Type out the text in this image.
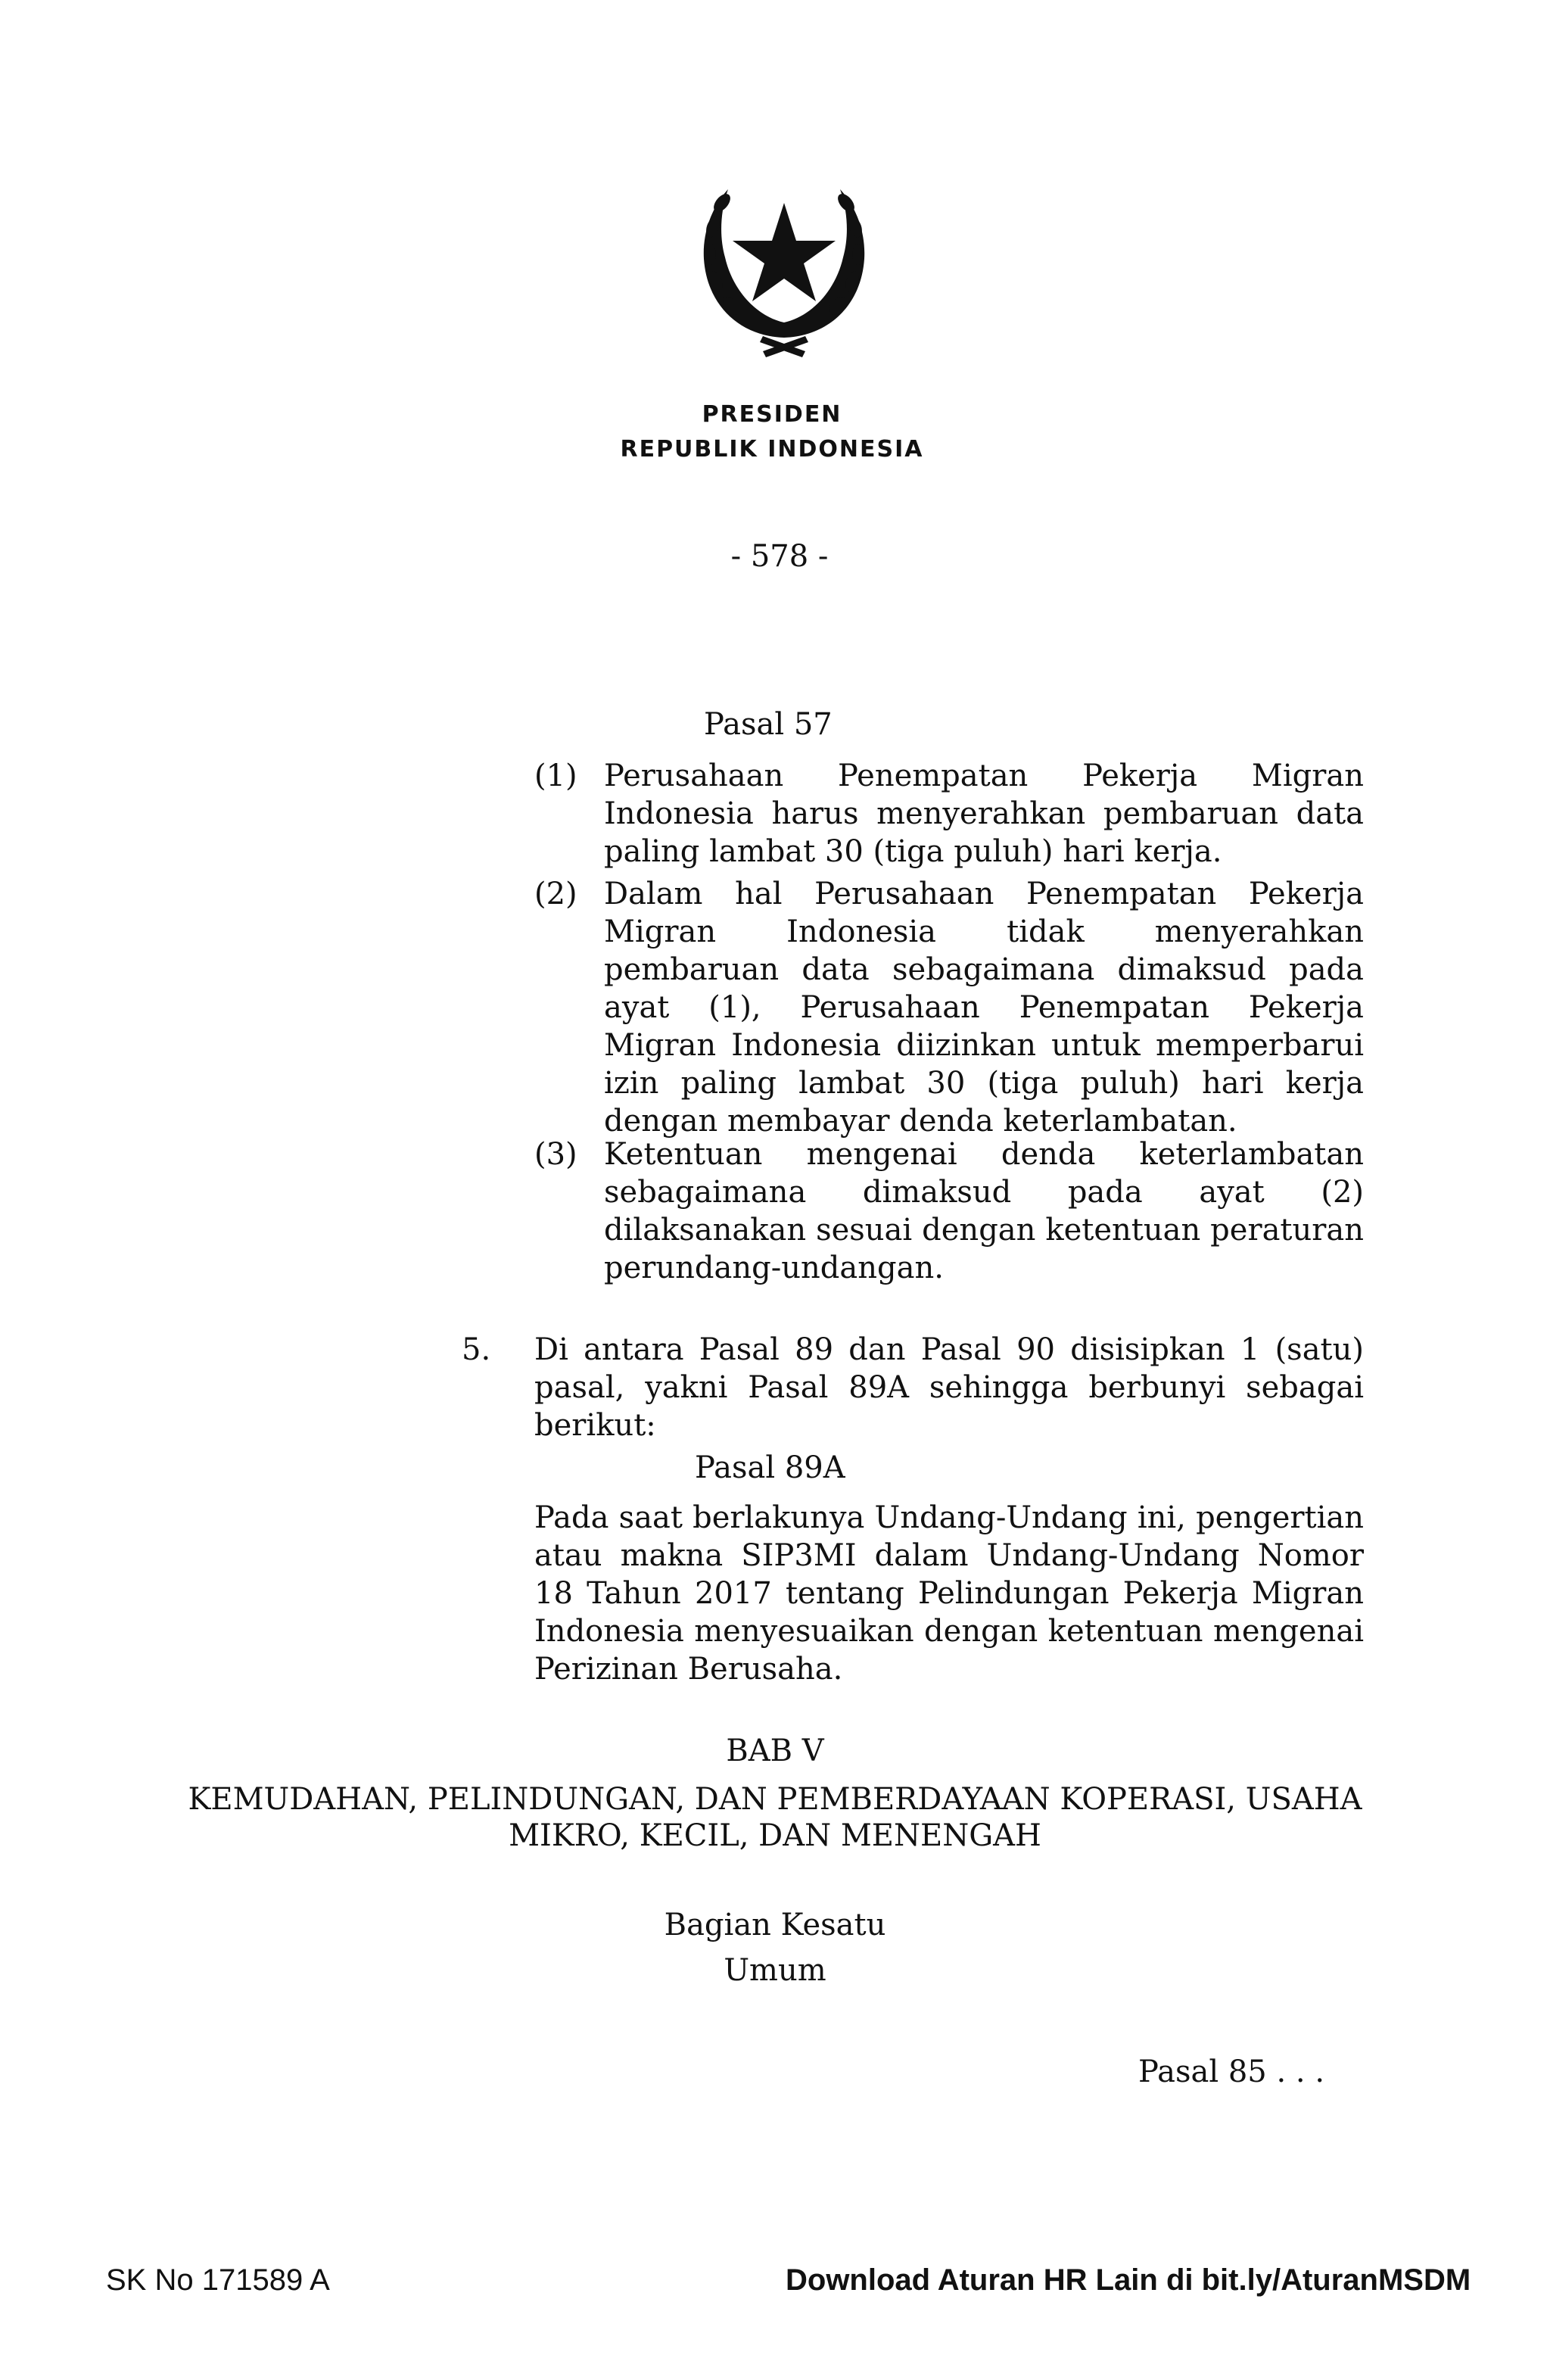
PRESIDEN
REPUBLIK INDONESIA
- 578 -
Pasal 57
(1) Perusahaan Penempatan Pekerja Migran Indonesia harus menyerahkan pembaruan data paling lambat 30 (tiga puluh) hari kerja.
(2) Dalam hal Perusahaan Penempatan Pekerja Migran Indonesia tidak menyerahkan pembaruan data sebagaimana dimaksud pada ayat (1), Perusahaan Penempatan Pekerja Migran Indonesia diizinkan untuk memperbarui izin paling lambat 30 (tiga puluh) hari kerja dengan membayar denda keterlambatan.
(3) Ketentuan mengenai denda keterlambatan sebagaimana dimaksud pada ayat (2) dilaksanakan sesuai dengan ketentuan peraturan perundang-undangan.
5. Di antara Pasal 89 dan Pasal 90 disisipkan 1 (satu) pasal, yakni Pasal 89A sehingga berbunyi sebagai berikut:
Pasal 89A
Pada saat berlakunya Undang-Undang ini, pengertian atau makna SIP3MI dalam Undang-Undang Nomor 18 Tahun 2017 tentang Pelindungan Pekerja Migran Indonesia menyesuaikan dengan ketentuan mengenai Perizinan Berusaha.
BAB V
KEMUDAHAN, PELINDUNGAN, DAN PEMBERDAYAAN KOPERASI, USAHA
MIKRO, KECIL, DAN MENENGAH
Bagian Kesatu
Umum
Pasal 85 . . .
SK No 171589 A	Download Aturan HR Lain di bit.ly/AturanMSDM
